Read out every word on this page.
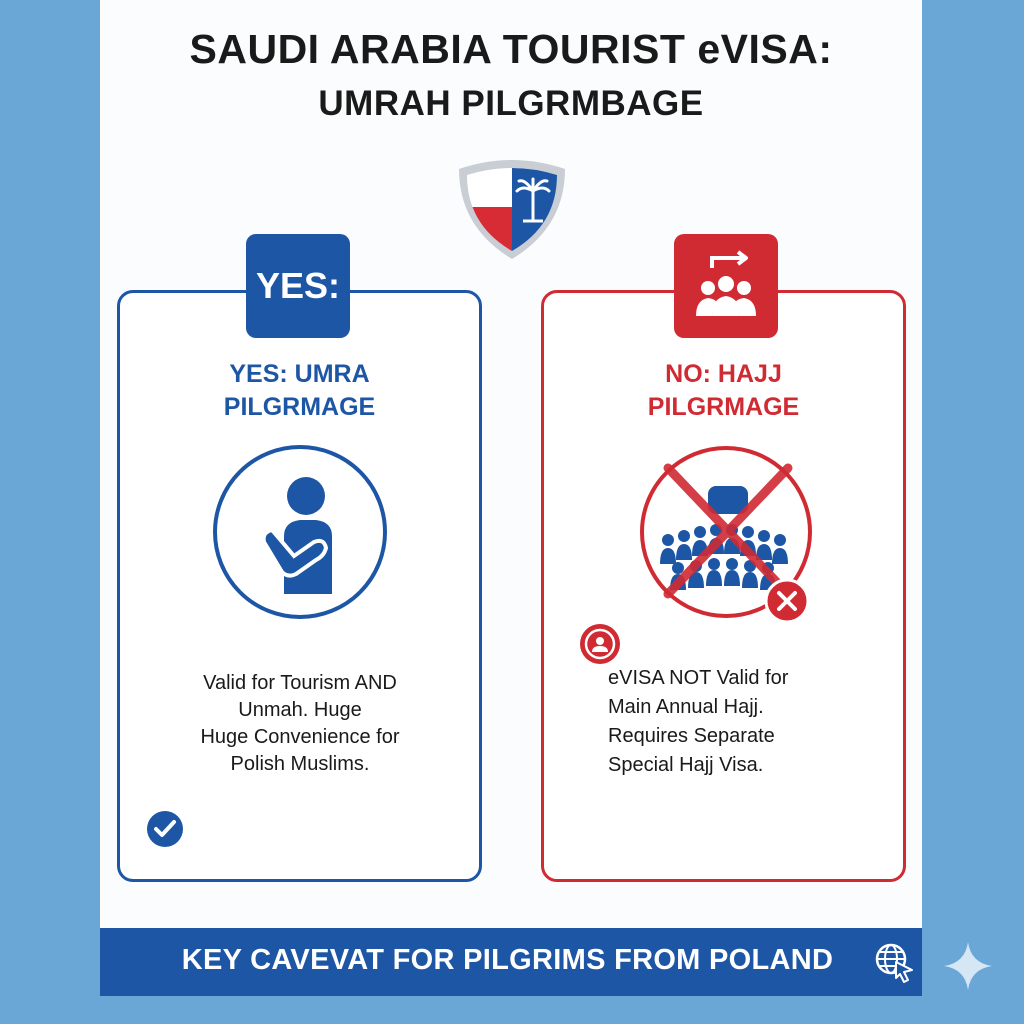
SAUDI ARABIA TOURIST eVISA:
UMRAH PILGRMBAGE
YES:
YES: UMRA
PILGRMAGE
Valid for Tourism AND
Unmah. Huge
Huge Convenience for
Polish Muslims.
NO: HAJJ
PILGRMAGE
eVISA NOT Valid for
Main Annual Hajj.
Requires Separate
Special Hajj Visa.
KEY CAVEVAT FOR PILGRIMS FROM POLAND
